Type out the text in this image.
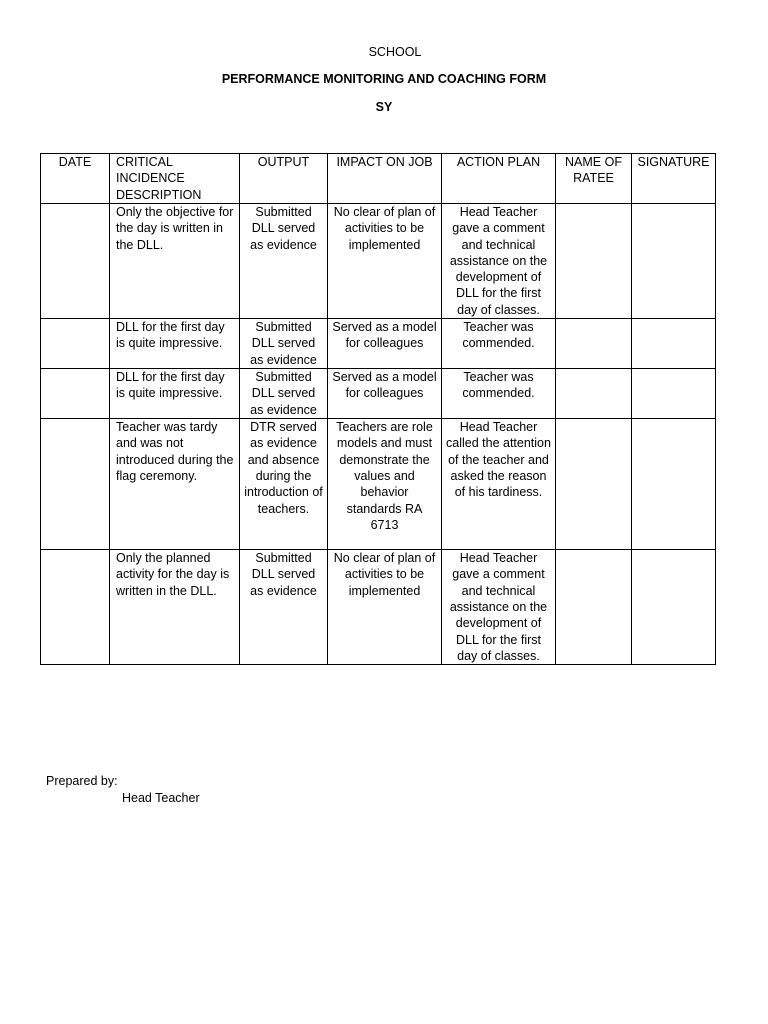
SCHOOL
PERFORMANCE MONITORING AND COACHING FORM
SY
DATE	CRITICAL INCIDENCE DESCRIPTION	OUTPUT	IMPACT ON JOB	ACTION PLAN	NAME OF RATEE	SIGNATURE
	Only the objective for the day is written in the DLL.	Submitted DLL served as evidence	No clear of plan of activities to be implemented	Head Teacher gave a comment and technical assistance on the development of DLL for the first day of classes.		
	DLL for the first day is quite impressive.	Submitted DLL served as evidence	Served as a model for colleagues	Teacher was commended.		
	DLL for the first day is quite impressive.	Submitted DLL served as evidence	Served as a model for colleagues	Teacher was commended.		
	Teacher was tardy and was not introduced during the flag ceremony.	DTR served as evidence and absence during the introduction of teachers.	Teachers are role models and must demonstrate the values and behavior standards RA 6713	Head Teacher called the attention of the teacher and asked the reason of his tardiness.		
	Only the planned activity for the day is written in the DLL.	Submitted DLL served as evidence	No clear of plan of activities to be implemented	Head Teacher gave a comment and technical assistance on the development of DLL for the first day of classes.		
Prepared by:
Head Teacher
